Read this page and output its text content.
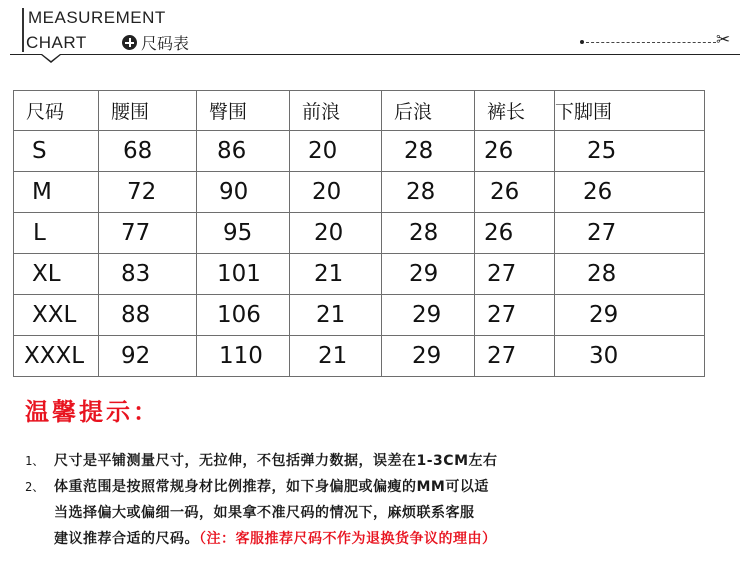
MEASUREMENT
CHART	尺码表	✂
尺码	腰围	臀围	前浪	后浪	裤长	下脚围
S	68	86	20	28	26	25
M	72	90	20	28	26	26
L	77	95	20	28	26	27
XL	83	101	21	29	27	28
XXL	88	106	21	29	27	29
XXXL	92	110	21	29	27	30
温馨提示：
1、 尺寸是平铺测量尺寸，无拉伸，不包括弹力数据，误差在1-3CM左右
2、 体重范围是按照常规身材比例推荐，如下身偏肥或偏瘦的MM可以适
当选择偏大或偏细一码，如果拿不准尺码的情况下，麻烦联系客服
建议推荐合适的尺码。（注：客服推荐尺码不作为退换货争议的理由）
